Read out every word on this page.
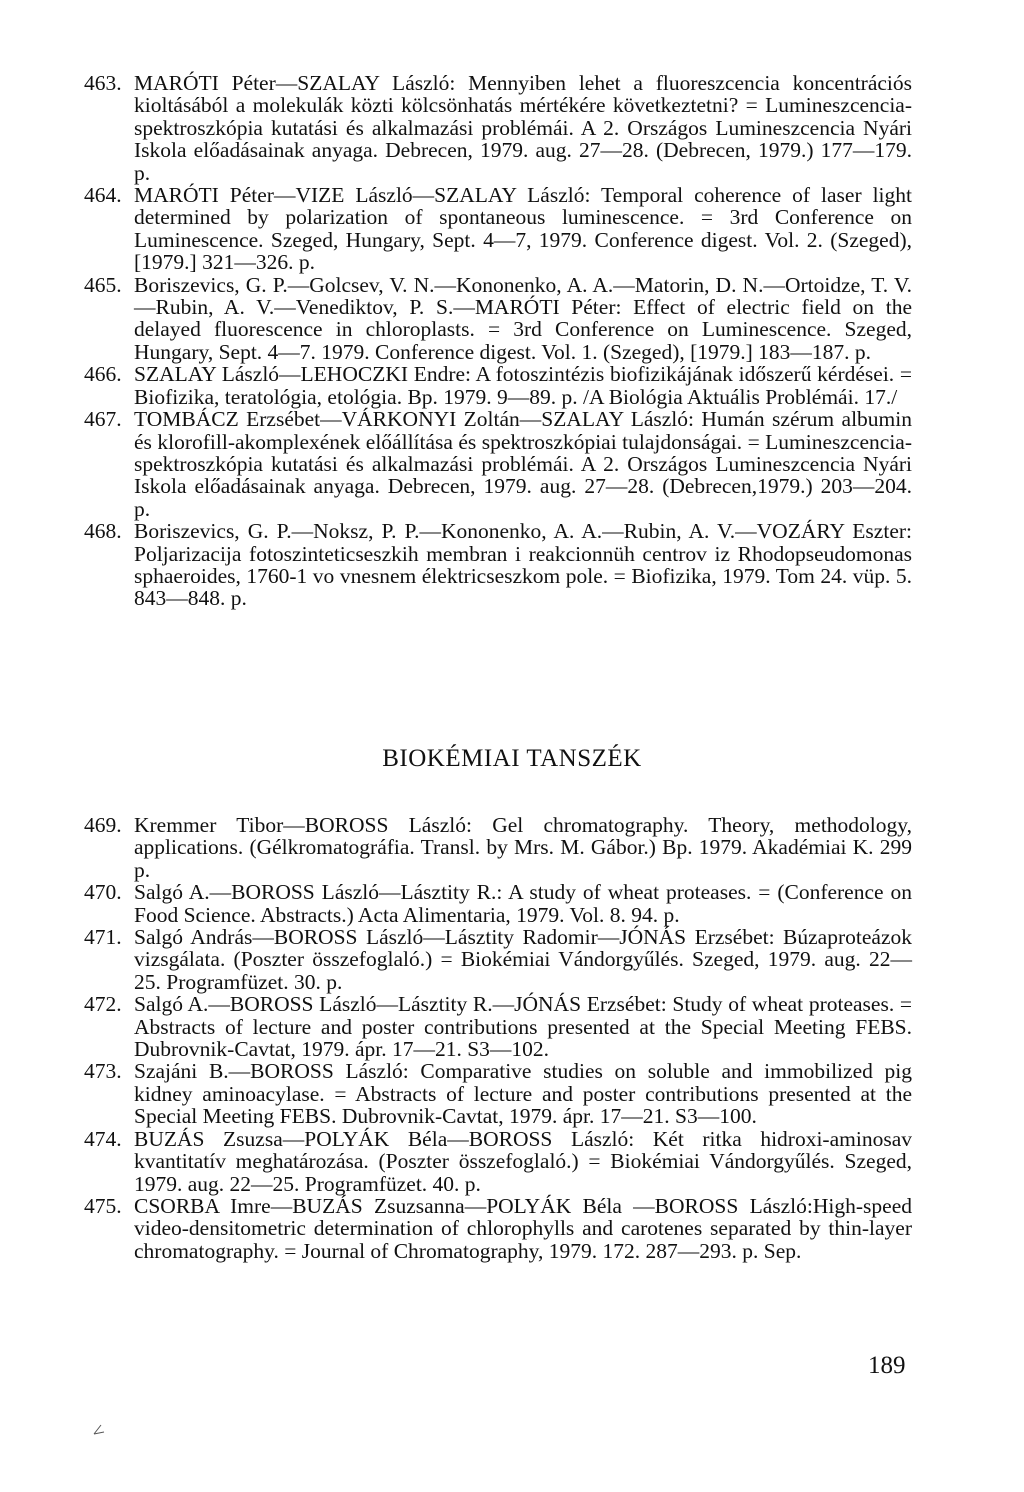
463. MARÓTI Péter—SZALAY László: Mennyiben lehet a fluoreszcencia koncentrációs kioltásából a molekulák közti kölcsönhatás mértékére következtetni? = Lumineszcencia-spektroszkópia kutatási és alkalmazási problémái. A 2. Országos Lumineszcencia Nyári Iskola előadásainak anyaga. Debrecen, 1979. aug. 27—28. (Debrecen, 1979.) 177—179. p.
464. MARÓTI Péter—VIZE László—SZALAY László: Temporal coherence of laser light determined by polarization of spontaneous luminescence. = 3rd Conference on Luminescence. Szeged, Hungary, Sept. 4—7, 1979. Conference digest. Vol. 2. (Szeged), [1979.] 321—326. p.
465. Boriszevics, G. P.—Golcsev, V. N.—Kononenko, A. A.—Matorin, D. N.—Ortoidze, T. V.—Rubin, A. V.—Venediktov, P. S.—MARÓTI Péter: Effect of electric field on the delayed fluorescence in chloroplasts. = 3rd Conference on Luminescence. Szeged, Hungary, Sept. 4—7. 1979. Conference digest. Vol. 1. (Szeged), [1979.] 183—187. p.
466. SZALAY László—LEHOCZKI Endre: A fotoszintézis biofizikájának időszerű kérdései. = Biofizika, teratológia, etológia. Bp. 1979. 9—89. p. /A Biológia Aktuális Problémái. 17./
467. TOMBÁCZ Erzsébet—VÁRKONYI Zoltán—SZALAY László: Humán szérum albumin és klorofill-akomplexének előállítása és spektroszkópiai tulajdonságai. = Lumineszcencia-spektroszkópia kutatási és alkalmazási problémái. A 2. Országos Lumineszcencia Nyári Iskola előadásainak anyaga. Debrecen, 1979. aug. 27—28. (Debrecen,1979.) 203—204. p.
468. Boriszevics, G. P.—Noksz, P. P.—Kononenko, A. A.—Rubin, A. V.—VOZÁRY Eszter: Poljarizacija fotoszinteticseszkih membran i reakcionnüh centrov iz Rhodopseudomonas sphaeroides, 1760-1 vo vnesnem élektricseszkom pole. = Biofizika, 1979. Tom 24. vüp. 5. 843—848. p.
BIOKÉMIAI TANSZÉK
469. Kremmer Tibor—BOROSS László: Gel chromatography. Theory, methodology, applications. (Gélkromatográfia. Transl. by Mrs. M. Gábor.) Bp. 1979. Akadémiai K. 299 p.
470. Salgó A.—BOROSS László—Lásztity R.: A study of wheat proteases. = (Conference on Food Science. Abstracts.) Acta Alimentaria, 1979. Vol. 8. 94. p.
471. Salgó András—BOROSS László—Lásztity Radomir—JÓNÁS Erzsébet: Búzaproteázok vizsgálata. (Poszter összefoglaló.) = Biokémiai Vándorgyűlés. Szeged, 1979. aug. 22—25. Programfüzet. 30. p.
472. Salgó A.—BOROSS László—Lásztity R.—JÓNÁS Erzsébet: Study of wheat proteases. = Abstracts of lecture and poster contributions presented at the Special Meeting FEBS. Dubrovnik-Cavtat, 1979. ápr. 17—21. S3—102.
473. Szajáni B.—BOROSS László: Comparative studies on soluble and immobilized pig kidney aminoacylase. = Abstracts of lecture and poster contributions presented at the Special Meeting FEBS. Dubrovnik-Cavtat, 1979. ápr. 17—21. S3—100.
474. BUZÁS Zsuzsa—POLYÁK Béla—BOROSS László: Két ritka hidroxi-aminosav kvantitatív meghatározása. (Poszter összefoglaló.) = Biokémiai Vándorgyűlés. Szeged, 1979. aug. 22—25. Programfüzet. 40. p.
475. CSORBA Imre—BUZÁS Zsuzsanna—POLYÁK Béla —BOROSS László:High-speed video-densitometric determination of chlorophylls and carotenes separated by thin-layer chromatography. = Journal of Chromatography, 1979. 172. 287—293. p. Sep.

189
